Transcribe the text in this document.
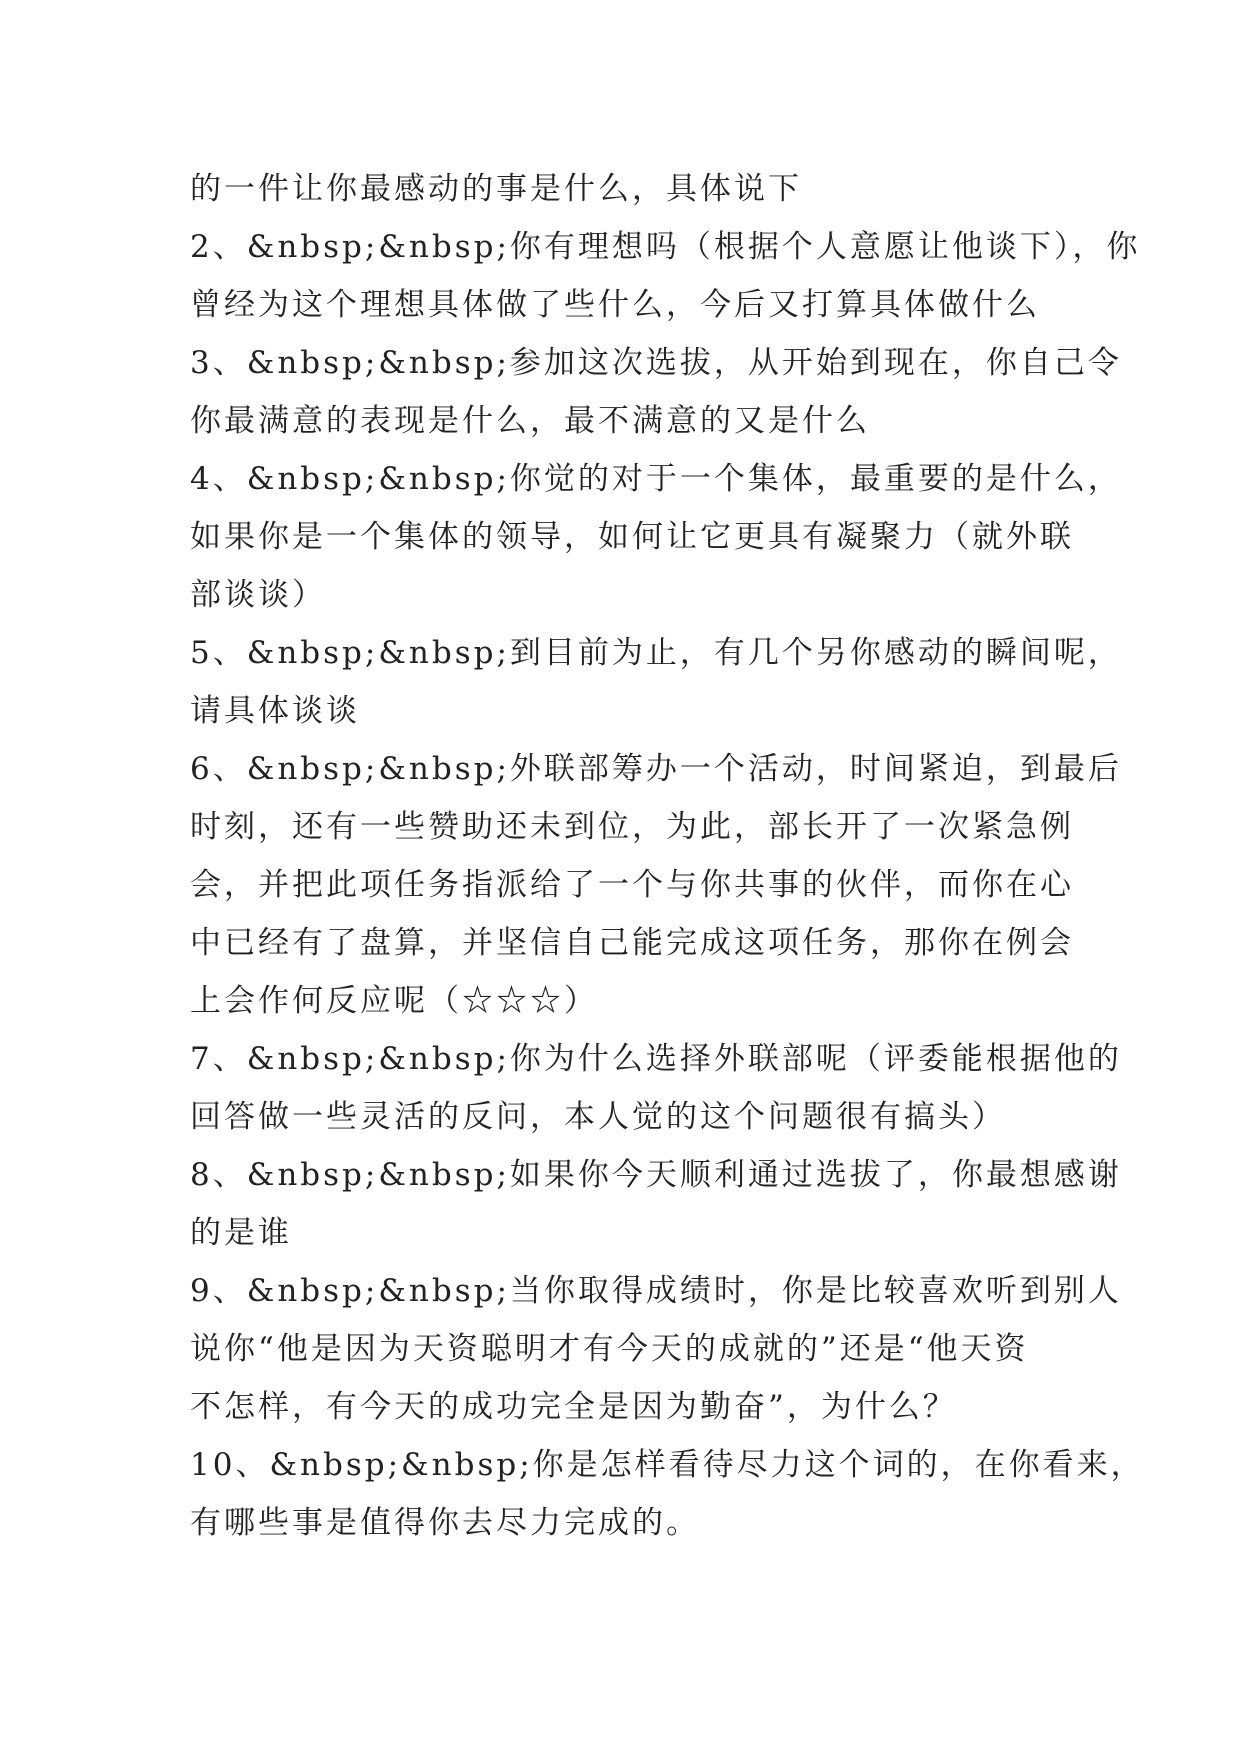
的一件让你最感动的事是什么，具体说下
2、&nbsp;&nbsp;你有理想吗（根据个人意愿让他谈下），你
曾经为这个理想具体做了些什么，今后又打算具体做什么
3、&nbsp;&nbsp;参加这次选拔，从开始到现在，你自己令
你最满意的表现是什么，最不满意的又是什么
4、&nbsp;&nbsp;你觉的对于一个集体，最重要的是什么，
如果你是一个集体的领导，如何让它更具有凝聚力（就外联
部谈谈）
5、&nbsp;&nbsp;到目前为止，有几个另你感动的瞬间呢，
请具体谈谈
6、&nbsp;&nbsp;外联部筹办一个活动，时间紧迫，到最后
时刻，还有一些赞助还未到位，为此，部长开了一次紧急例
会，并把此项任务指派给了一个与你共事的伙伴，而你在心
中已经有了盘算，并坚信自己能完成这项任务，那你在例会
上会作何反应呢（☆☆☆）
7、&nbsp;&nbsp;你为什么选择外联部呢（评委能根据他的
回答做一些灵活的反问，本人觉的这个问题很有搞头）
8、&nbsp;&nbsp;如果你今天顺利通过选拔了，你最想感谢
的是谁
9、&nbsp;&nbsp;当你取得成绩时，你是比较喜欢听到别人
说你“他是因为天资聪明才有今天的成就的”还是“他天资
不怎样，有今天的成功完全是因为勤奋”，为什么？
10、&nbsp;&nbsp;你是怎样看待尽力这个词的，在你看来，
有哪些事是值得你去尽力完成的。
